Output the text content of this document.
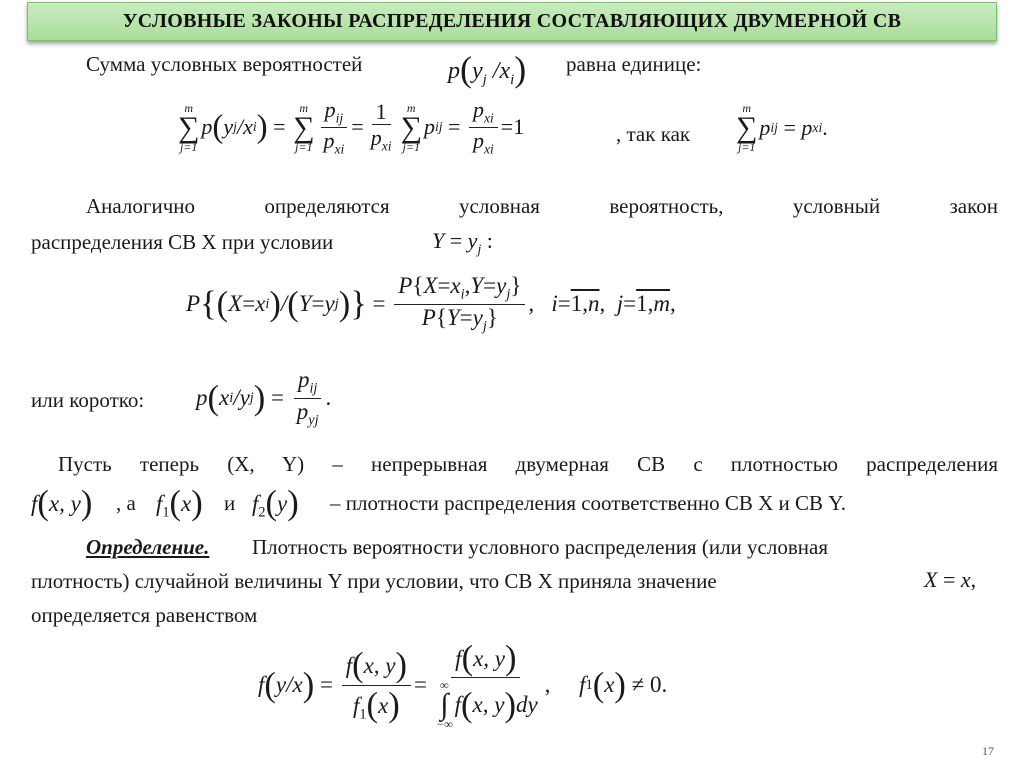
УСЛОВНЫЕ ЗАКОНЫ РАСПРЕДЕЛЕНИЯ СОСТАВЛЯЮЩИХ ДВУМЕРНОЙ СВ
Сумма условных вероятностей	$p(y_j$ $/x_i$) равна единице:
m
∑
j=1
p ( y j /x i ) =
m
∑
$j=1 \frac{p_{ij}}{p_{xi}} = \frac{1}{p_{xi}}$ m
∑
j=1
p ij = $\frac{p_{xi}}{p_{xi}} =1$	, так как
m
∑
j=1
p ij = p xi .
Аналогично определяются условная вероятность, условный закон
распределения СВ X при условии	$Y = y_j$ :
P {( X = x i ) / ( Y = y j )} = $\frac{P\{X=x_i,Y=y_j\}}{P\{Y=y_j\}}$ , i = 1,n , j = 1,m ,
или коротко: p ( x i /y j ) = $\frac{p_{ij}}{p_{yj}}$ .
Пусть теперь (X, Y) – непрерывная двумерная СВ с плотностью распределения
f(x, y) , а $f_1(x)$ и $f_2(y)$ – плотности распределения соответственно СВ X и СВ Y.
Определение. Плотность вероятности условного распределения (или условная
плотность) случайной величины Y при условии, что СВ X приняла значение	X = x,
определяется равенством
f ( y/x ) = $\frac{f(x, y)}{f_1(x)} = f(x$, y)
∞
∫
−∞
f ( x, y ) dy , f 1 ( x ) ≠ 0.
17
